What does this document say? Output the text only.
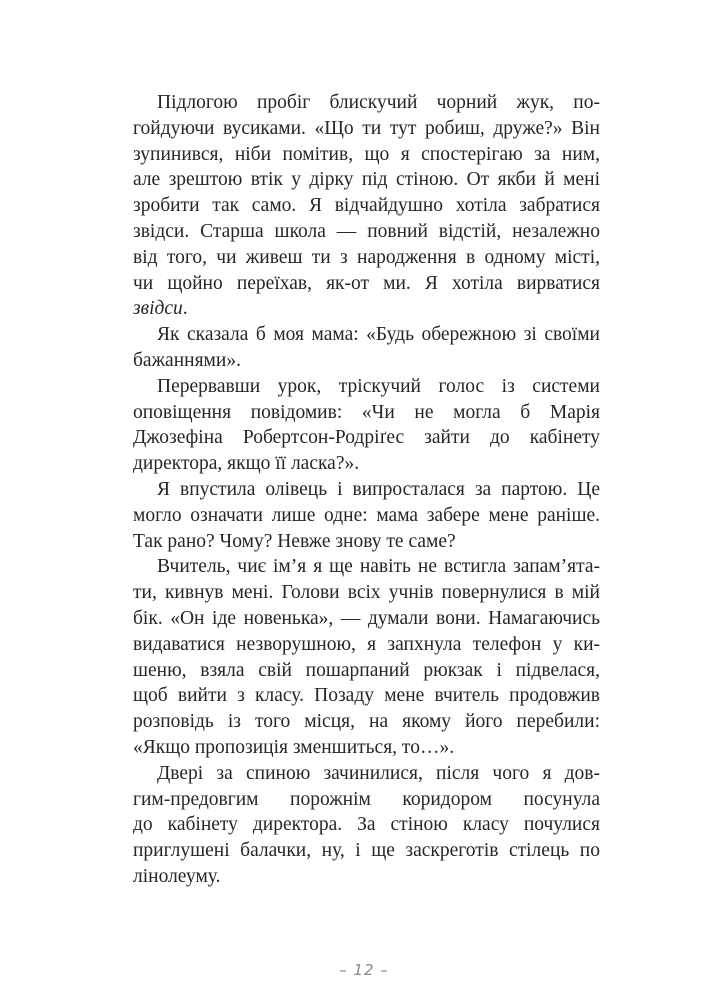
Підлогою пробіг блискучий чорний жук, по-
гойдуючи вусиками. «Що ти тут робиш, друже?» Він
зупинився, ніби помітив, що я спостерігаю за ним,
але зрештою втік у дірку під стіною. От якби й мені
зробити так само. Я відчайдушно хотіла забратися
звідси. Старша школа — повний відстій, незалежно
від того, чи живеш ти з народження в одному місті,
чи щойно переїхав, як-от ми. Я хотіла вирватися
звідси.
Як сказала б моя мама: «Будь обережною зі своїми
бажаннями».
Перервавши урок, тріскучий голос із системи
оповіщення повідомив: «Чи не могла б Марія
Джозефіна Робертсон-Родріґес зайти до кабінету
директора, якщо її ласка?».
Я впустила олівець і випросталася за партою. Це
могло означати лише одне: мама забере мене раніше.
Так рано? Чому? Невже знову те саме?
Вчитель, чиє ім’я я ще навіть не встигла запам’ята-
ти, кивнув мені. Голови всіх учнів повернулися в мій
бік. «Он іде новенька», — думали вони. Намагаючись
видаватися незворушною, я запхнула телефон у ки-
шеню, взяла свій пошарпаний рюкзак і підвелася,
щоб вийти з класу. Позаду мене вчитель продовжив
розповідь із того місця, на якому його перебили:
«Якщо пропозиція зменшиться, то…».
Двері за спиною зачинилися, після чого я дов-
гим-предовгим порожнім коридором посунула
до кабінету директора. За стіною класу почулися
приглушені балачки, ну, і ще заскреготів стілець по
лінолеуму.
– 12 –
